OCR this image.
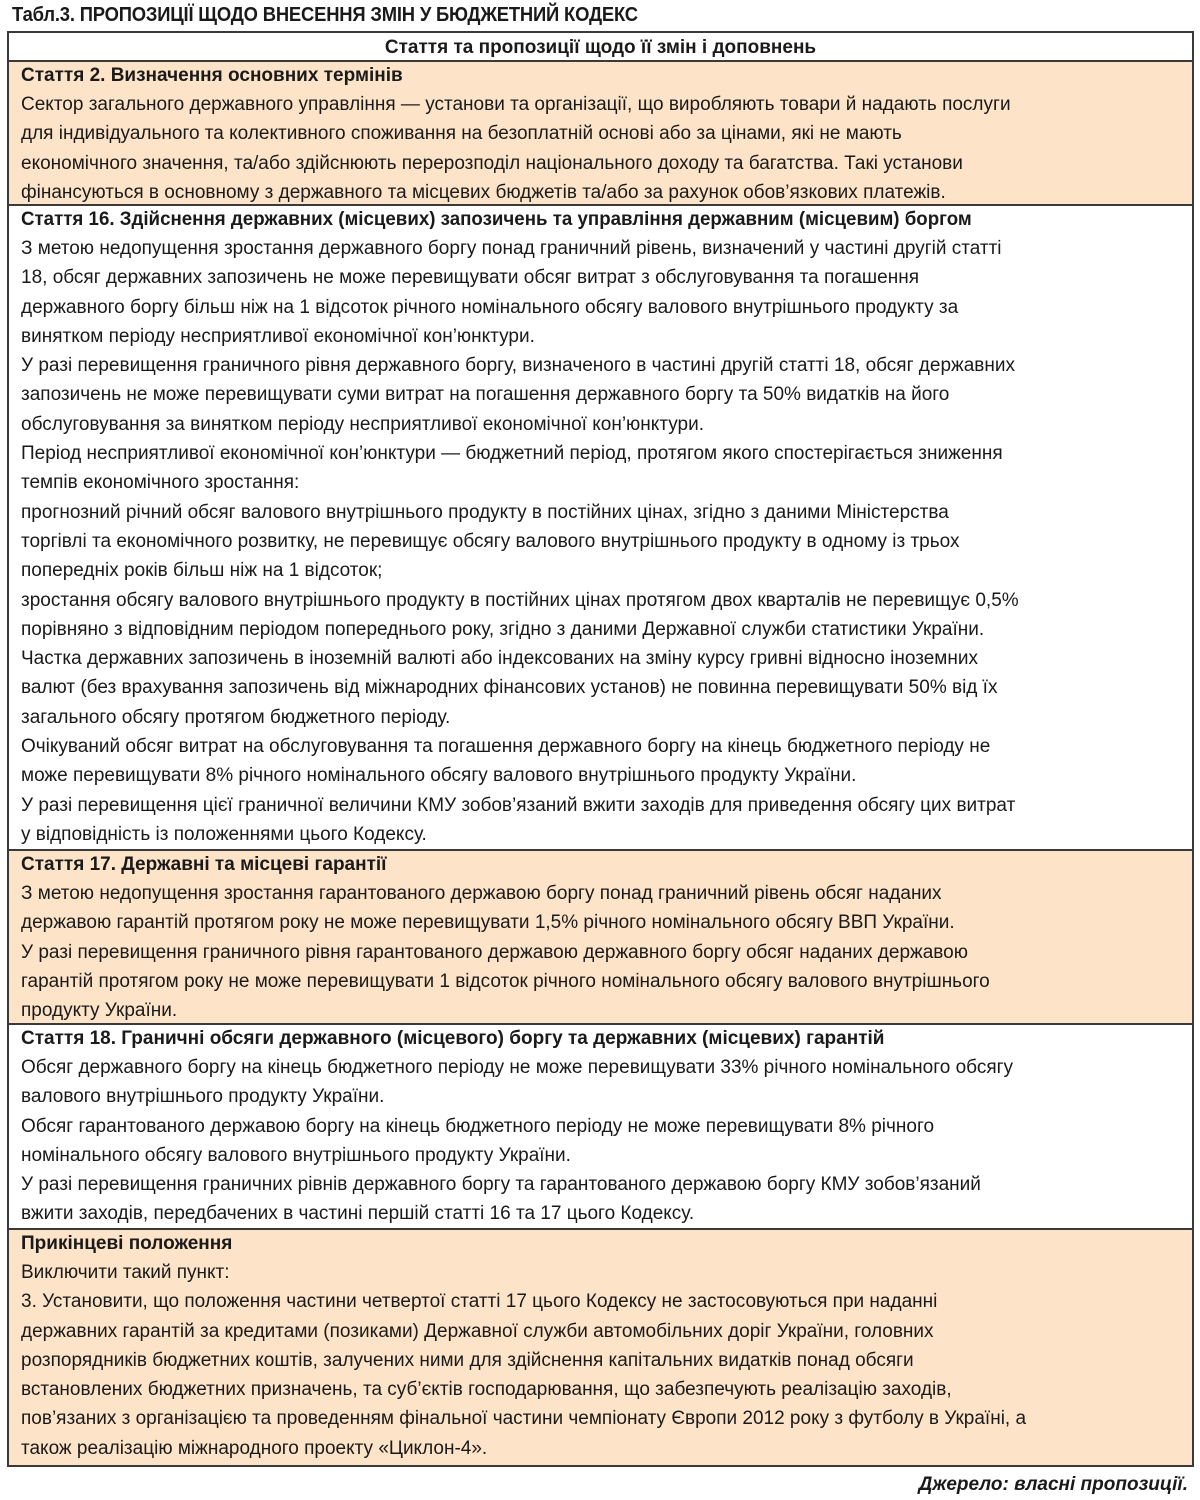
Табл.3. ПРОПОЗИЦІЇ ЩОДО ВНЕСЕННЯ ЗМІН У БЮДЖЕТНИЙ КОДЕКС
Стаття та пропозиції щодо її змін і доповнень
Стаття 2. Визначення основних термінів
Сектор загального державного управління — установи та організації, що виробляють товари й надають послуги
для індивідуального та колективного споживання на безоплатній основі або за цінами, які не мають
економічного значення, та/або здійснюють перерозподіл національного доходу та багатства. Такі установи
фінансуються в основному з державного та місцевих бюджетів та/або за рахунок обов’язкових платежів.
Стаття 16. Здійснення державних (місцевих) запозичень та управління державним (місцевим) боргом
З метою недопущення зростання державного боргу понад граничний рівень, визначений у частині другій статті
18, обсяг державних запозичень не може перевищувати обсяг витрат з обслуговування та погашення
державного боргу більш ніж на 1 відсоток річного номінального обсягу валового внутрішнього продукту за
винятком періоду несприятливої економічної кон’юнктури.
У разі перевищення граничного рівня державного боргу, визначеного в частині другій статті 18, обсяг державних
запозичень не може перевищувати суми витрат на погашення державного боргу та 50% видатків на його
обслуговування за винятком періоду несприятливої економічної кон’юнктури.
Період несприятливої економічної кон’юнктури — бюджетний період, протягом якого спостерігається зниження
темпів економічного зростання:
прогнозний річний обсяг валового внутрішнього продукту в постійних цінах, згідно з даними Міністерства
торгівлі та економічного розвитку, не перевищує обсягу валового внутрішнього продукту в одному із трьох
попередніх років більш ніж на 1 відсоток;
зростання обсягу валового внутрішнього продукту в постійних цінах протягом двох кварталів не перевищує 0,5%
порівняно з відповідним періодом попереднього року, згідно з даними Державної служби статистики України.
Частка державних запозичень в іноземній валюті або індексованих на зміну курсу гривні відносно іноземних
валют (без врахування запозичень від міжнародних фінансових установ) не повинна перевищувати 50% від їх
загального обсягу протягом бюджетного періоду.
Очікуваний обсяг витрат на обслуговування та погашення державного боргу на кінець бюджетного періоду не
може перевищувати 8% річного номінального обсягу валового внутрішнього продукту України.
У разі перевищення цієї граничної величини КМУ зобов’язаний вжити заходів для приведення обсягу цих витрат
у відповідність із положеннями цього Кодексу.
Стаття 17. Державні та місцеві гарантії
З метою недопущення зростання гарантованого державою боргу понад граничний рівень обсяг наданих
державою гарантій протягом року не може перевищувати 1,5% річного номінального обсягу ВВП України.
У разі перевищення граничного рівня гарантованого державою державного боргу обсяг наданих державою
гарантій протягом року не може перевищувати 1 відсоток річного номінального обсягу валового внутрішнього
продукту України.
Стаття 18. Граничні обсяги державного (місцевого) боргу та державних (місцевих) гарантій
Обсяг державного боргу на кінець бюджетного періоду не може перевищувати 33% річного номінального обсягу
валового внутрішнього продукту України.
Обсяг гарантованого державою боргу на кінець бюджетного періоду не може перевищувати 8% річного
номінального обсягу валового внутрішнього продукту України.
У разі перевищення граничних рівнів державного боргу та гарантованого державою боргу КМУ зобов’язаний
вжити заходів, передбачених в частині першій статті 16 та 17 цього Кодексу.
Прикінцеві положення
Виключити такий пункт:
3. Установити, що положення частини четвертої статті 17 цього Кодексу не застосовуються при наданні
державних гарантій за кредитами (позиками) Державної служби автомобільних доріг України, головних
розпорядників бюджетних коштів, залучених ними для здійснення капітальних видатків понад обсяги
встановлених бюджетних призначень, та суб’єктів господарювання, що забезпечують реалізацію заходів,
пов’язаних з організацією та проведенням фінальної частини чемпіонату Європи 2012 року з футболу в Україні, а
також реалізацію міжнародного проекту «Циклон-4».
Джерело: власні пропозиції.
